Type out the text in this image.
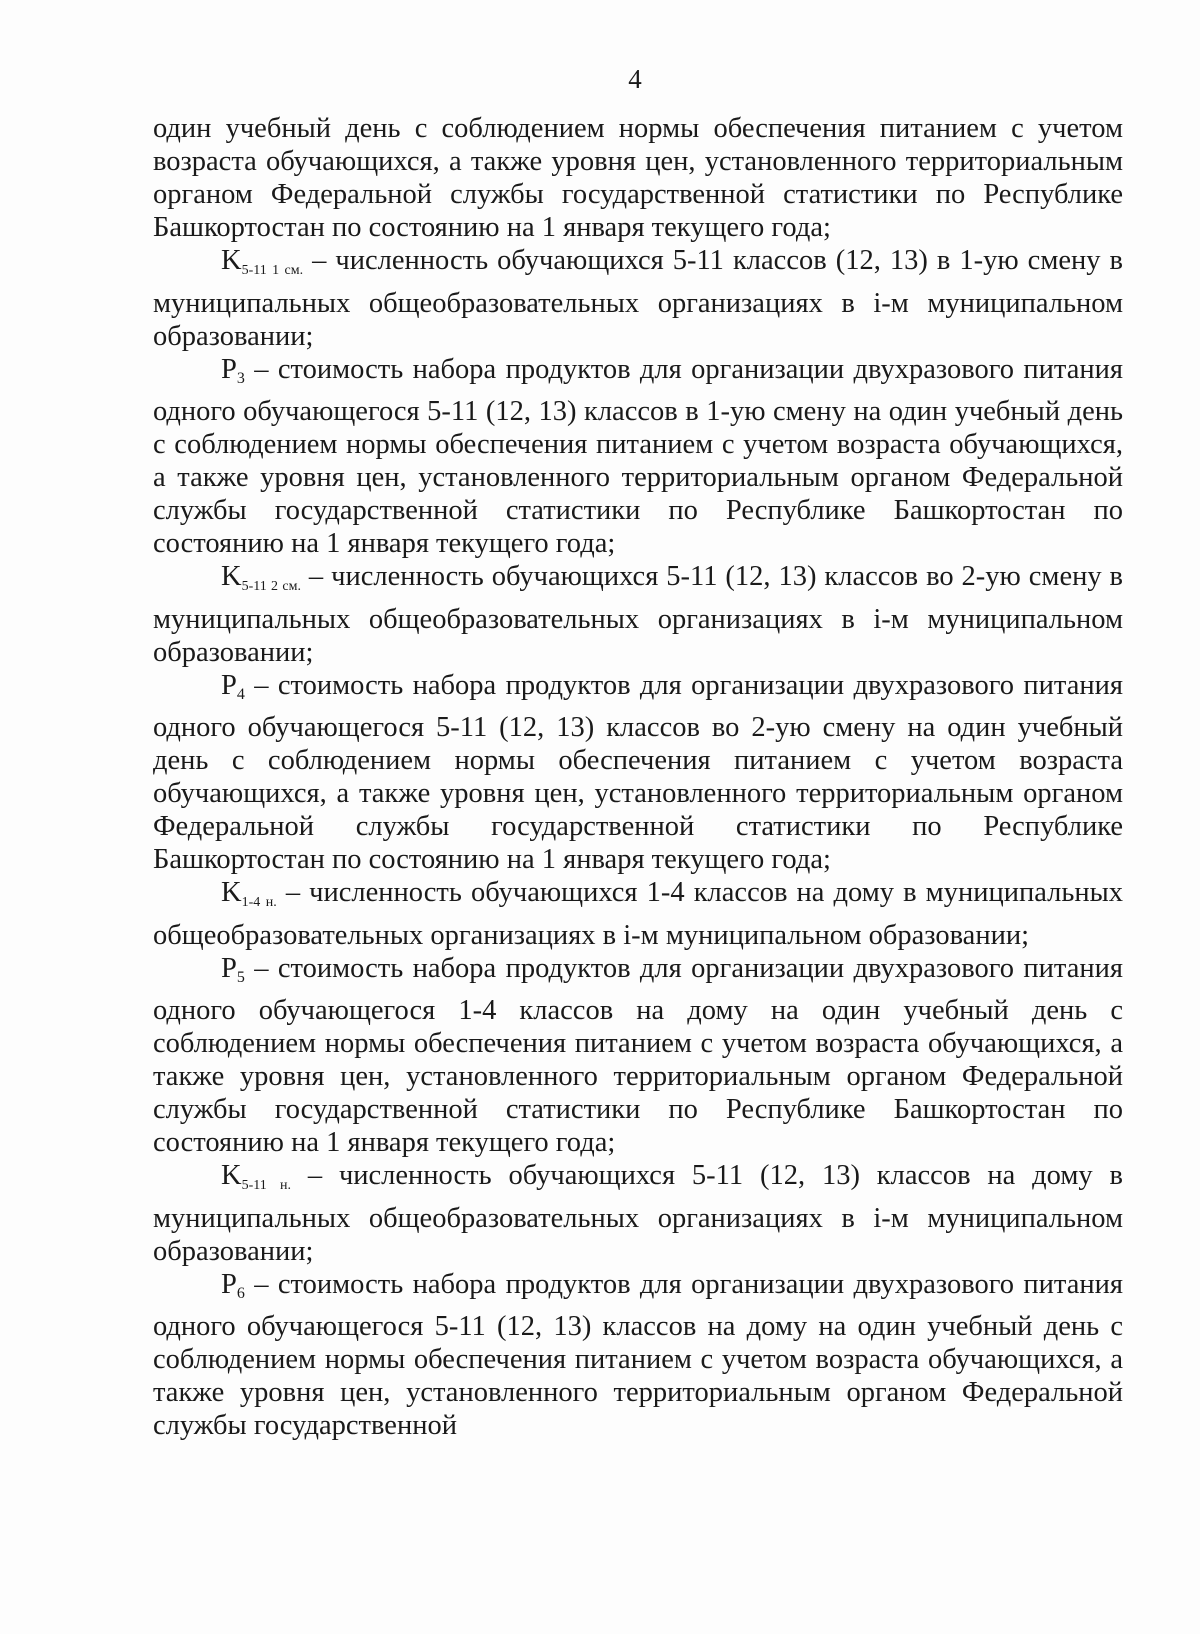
4

один учебный день с соблюдением нормы обеспечения питанием с учетом возраста обучающихся, а также уровня цен, установленного территориальным органом Федеральной службы государственной статистики по Республике Башкортостан по состоянию на 1 января текущего года;

K5-11 1 см. – численность обучающихся 5-11 классов (12, 13) в 1-ую смену в муниципальных общеобразовательных организациях в i-м муниципальном образовании;

$P_3$ – стоимость набора продуктов для организации двухразового питания одного обучающегося 5-11 (12, 13) классов в 1-ую смену на один учебный день с соблюдением нормы обеспечения питанием с учетом возраста обучающихся, а также уровня цен, установленного территориальным органом Федеральной службы государственной статистики по Республике Башкортостан по состоянию на 1 января текущего года;

K5-11 2 см. – численность обучающихся 5-11 (12, 13) классов во 2-ую смену в муниципальных общеобразовательных организациях в i-м муниципальном образовании;

$P_4$ – стоимость набора продуктов для организации двухразового питания одного обучающегося 5-11 (12, 13) классов во 2-ую смену на один учебный день с соблюдением нормы обеспечения питанием с учетом возраста обучающихся, а также уровня цен, установленного территориальным органом Федеральной службы государственной статистики по Республике Башкортостан по состоянию на 1 января текущего года;

K1-4 н. – численность обучающихся 1-4 классов на дому в муниципальных общеобразовательных организациях в i-м муниципальном образовании;

$P_5$ – стоимость набора продуктов для организации двухразового питания одного обучающегося 1-4 классов на дому на один учебный день с соблюдением нормы обеспечения питанием с учетом возраста обучающихся, а также уровня цен, установленного территориальным органом Федеральной службы государственной статистики по Республике Башкортостан по состоянию на 1 января текущего года;

K5-11 н. – численность обучающихся 5-11 (12, 13) классов на дому в муниципальных общеобразовательных организациях в i-м муниципальном образовании;

$P_6$ – стоимость набора продуктов для организации двухразового питания одного обучающегося 5-11 (12, 13) классов на дому на один учебный день с соблюдением нормы обеспечения питанием с учетом возраста обучающихся, а также уровня цен, установленного территориальным органом Федеральной службы государственной
